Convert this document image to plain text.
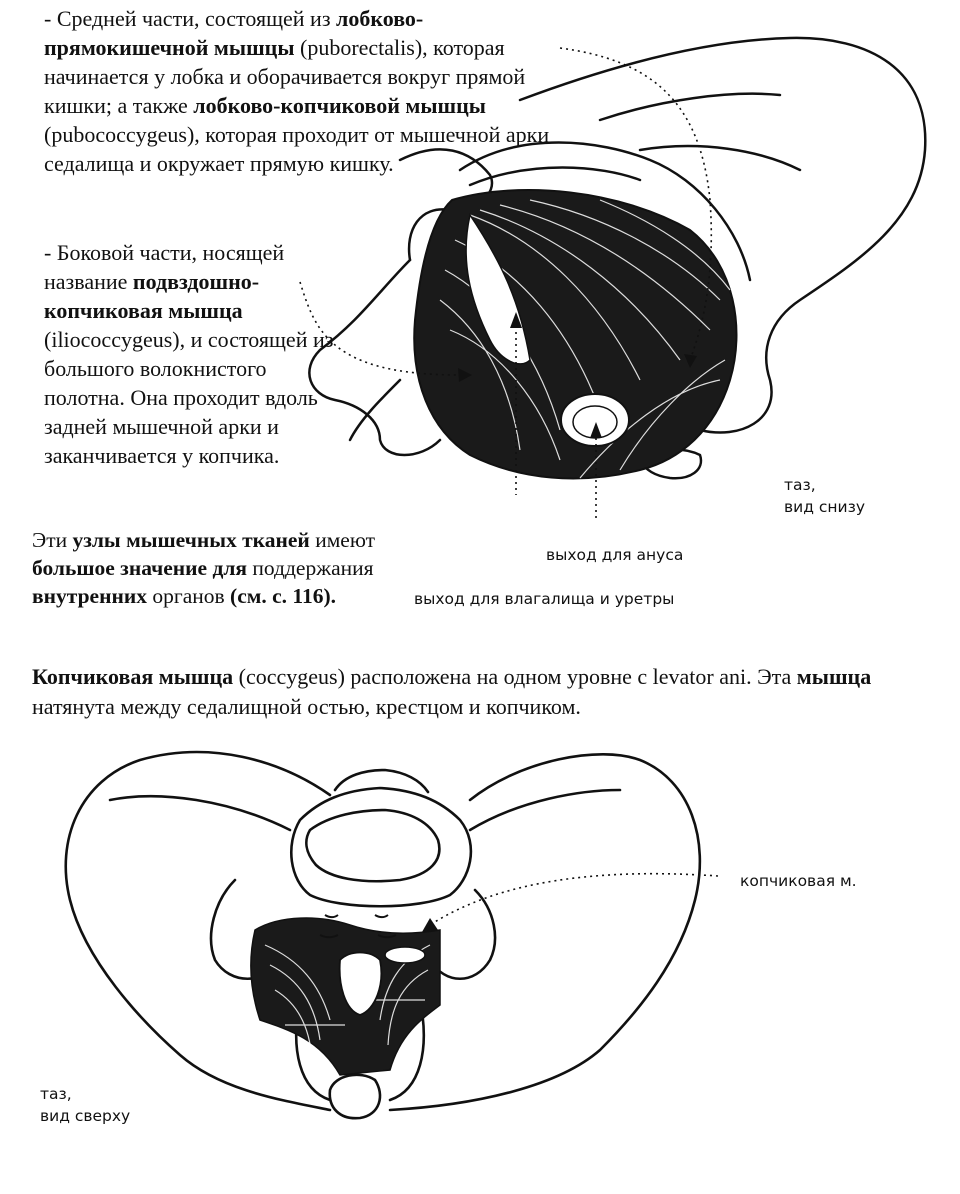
- Средней части, состоящей из лобково-прямокишечной мышцы (puborectalis), которая начинается у лобка и оборачивается вокруг прямой кишки; а также лобково-копчиковой мышцы (pubococcygeus), которая проходит от мышечной арки седалища и окружает прямую кишку.
- Боковой части, носящей название подвздошно-копчиковая мышца (iliococcygeus), и состоящей из большого волокнистого полотна. Она проходит вдоль задней мышечной арки и заканчивается у копчика.
Эти узлы мышечных тканей имеют большое значение для поддержания внутренних органов (см. с. 116).
Копчиковая мышца (coccygeus) расположена на одном уровне с levator ani. Эта мышца натянута между седалищной остью, крестцом и копчиком.
таз,
вид снизу
выход для ануса
выход для влагалища и уретры
копчиковая м.
таз,
вид сверху
